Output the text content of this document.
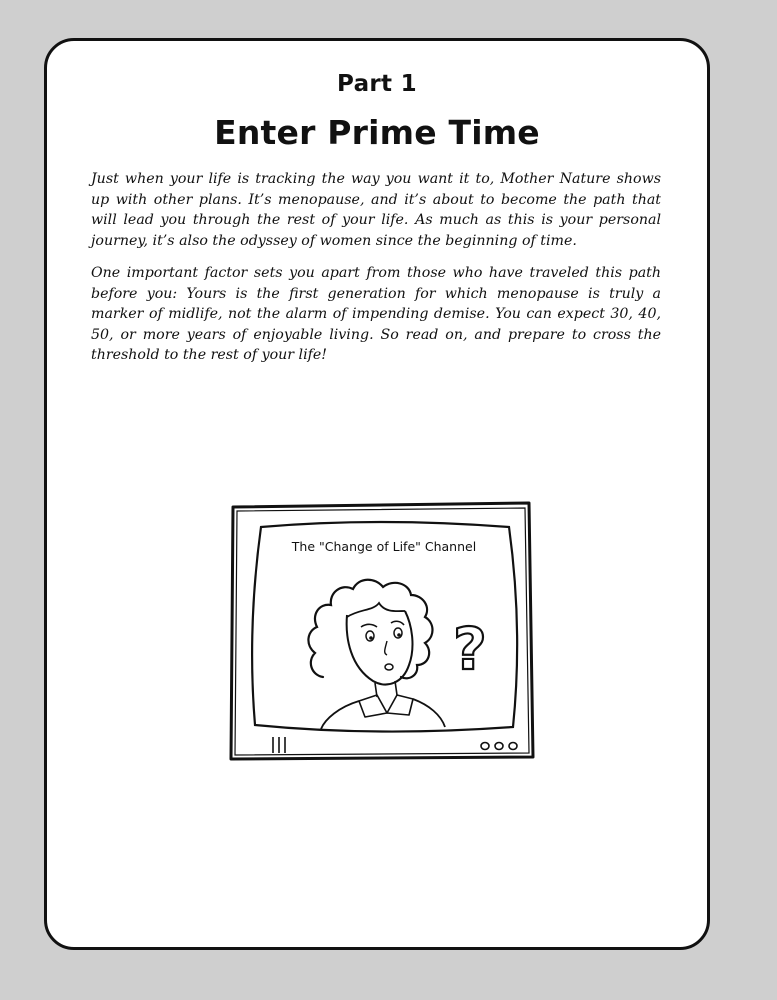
Part 1
Enter Prime Time

Just when your life is tracking the way you want it to, Mother Nature shows up with other plans. It’s menopause, and it’s about to become the path that will lead you through the rest of your life. As much as this is your personal journey, it’s also the odyssey of women since the beginning of time.

One important factor sets you apart from those who have traveled this path before you: Yours is the first generation for which menopause is truly a marker of midlife, not the alarm of impending demise. You can expect 30, 40, 50, or more years of enjoyable living. So read on, and prepare to cross the threshold to the rest of your life!

The "Change of Life" Channel
?
